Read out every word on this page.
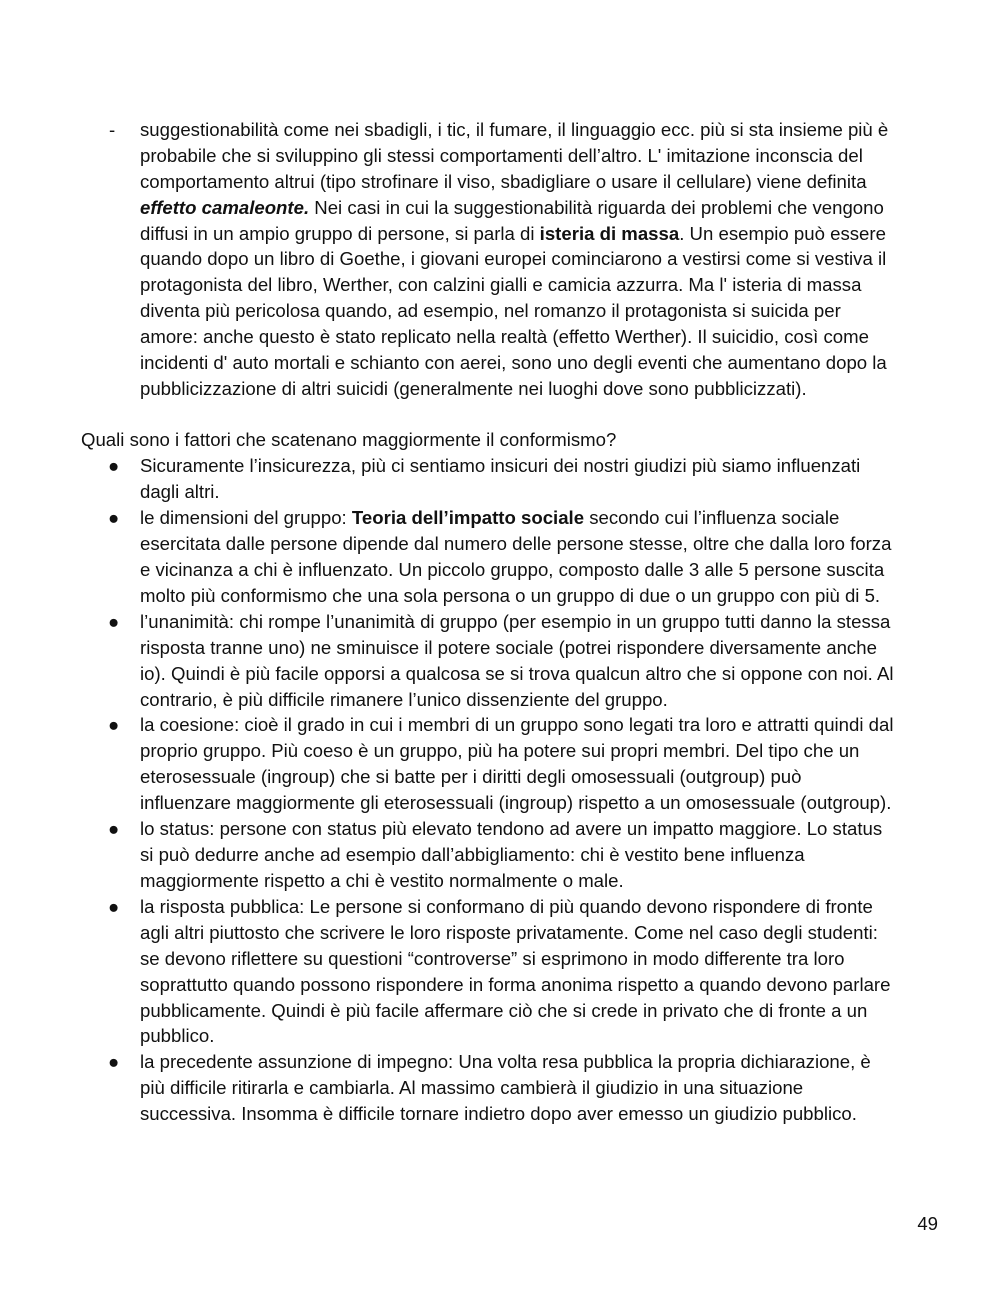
-	suggestionabilità come nei sbadigli, i tic, il fumare, il linguaggio ecc. più si sta insieme più è
probabile che si sviluppino gli stessi comportamenti dell’altro. L' imitazione inconscia del
comportamento altrui (tipo strofinare il viso, sbadigliare o usare il cellulare) viene definita
effetto camaleonte. Nei casi in cui la suggestionabilità riguarda dei problemi che vengono
diffusi in un ampio gruppo di persone, si parla di isteria di massa. Un esempio può essere
quando dopo un libro di Goethe, i giovani europei cominciarono a vestirsi come si vestiva il
protagonista del libro, Werther, con calzini gialli e camicia azzurra. Ma l' isteria di massa
diventa più pericolosa quando, ad esempio, nel romanzo il protagonista si suicida per
amore: anche questo è stato replicato nella realtà (effetto Werther). Il suicidio, così come
incidenti d' auto mortali e schianto con aerei, sono uno degli eventi che aumentano dopo la
pubblicizzazione di altri suicidi (generalmente nei luoghi dove sono pubblicizzati).
Quali sono i fattori che scatenano maggiormente il conformismo?
●	Sicuramente l’insicurezza, più ci sentiamo insicuri dei nostri giudizi più siamo influenzati
dagli altri.
●	le dimensioni del gruppo: Teoria dell’impatto sociale secondo cui l’influenza sociale
esercitata dalle persone dipende dal numero delle persone stesse, oltre che dalla loro forza
e vicinanza a chi è influenzato. Un piccolo gruppo, composto dalle 3 alle 5 persone suscita
molto più conformismo che una sola persona o un gruppo di due o un gruppo con più di 5.
●	l’unanimità: chi rompe l’unanimità di gruppo (per esempio in un gruppo tutti danno la stessa
risposta tranne uno) ne sminuisce il potere sociale (potrei rispondere diversamente anche
io). Quindi è più facile opporsi a qualcosa se si trova qualcun altro che si oppone con noi. Al
contrario, è più difficile rimanere l’unico dissenziente del gruppo.
●	la coesione: cioè il grado in cui i membri di un gruppo sono legati tra loro e attratti quindi dal
proprio gruppo. Più coeso è un gruppo, più ha potere sui propri membri. Del tipo che un
eterosessuale (ingroup) che si batte per i diritti degli omosessuali (outgroup) può
influenzare maggiormente gli eterosessuali (ingroup) rispetto a un omosessuale (outgroup).
●	lo status: persone con status più elevato tendono ad avere un impatto maggiore. Lo status
si può dedurre anche ad esempio dall’abbigliamento: chi è vestito bene influenza
maggiormente rispetto a chi è vestito normalmente o male.
●	la risposta pubblica: Le persone si conformano di più quando devono rispondere di fronte
agli altri piuttosto che scrivere le loro risposte privatamente. Come nel caso degli studenti:
se devono riflettere su questioni “controverse” si esprimono in modo differente tra loro
soprattutto quando possono rispondere in forma anonima rispetto a quando devono parlare
pubblicamente. Quindi è più facile affermare ciò che si crede in privato che di fronte a un
pubblico.
●	la precedente assunzione di impegno: Una volta resa pubblica la propria dichiarazione, è
più difficile ritirarla e cambiarla. Al massimo cambierà il giudizio in una situazione
successiva. Insomma è difficile tornare indietro dopo aver emesso un giudizio pubblico.
49
